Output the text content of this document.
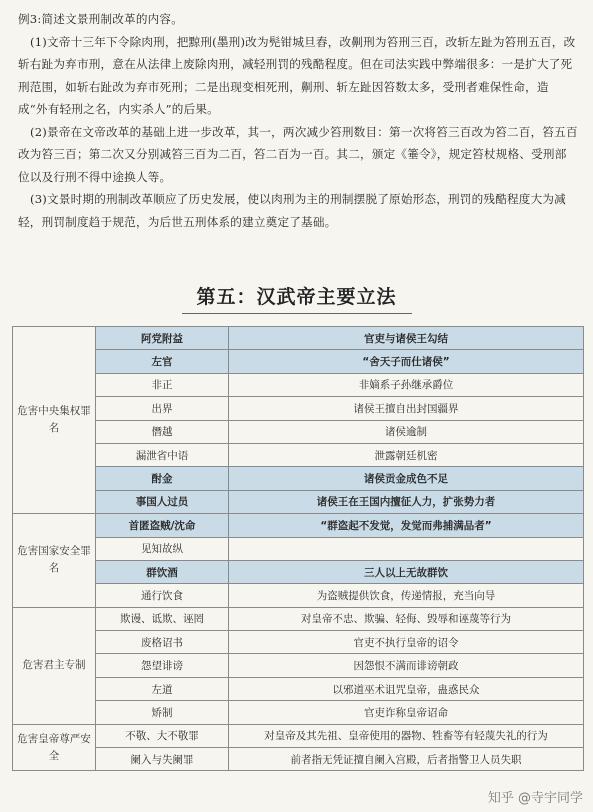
例3:简述文景刑制改革的内容。

(1)文帝十三年下令除肉刑，把黥刑(墨刑)改为髡钳城旦舂，改劓刑为笞刑三百，改斩左趾为笞刑五百，改斩右趾为弃市刑，意在从法律上废除肉刑，减轻刑罚的残酷程度。但在司法实践中弊端很多：一是扩大了死刑范围，如斩右趾改为弃市死刑；二是出现变相死刑，劓刑、斩左趾因笞数太多，受刑者难保性命，造成“外有轻刑之名，内实杀人”的后果。

(2)景帝在文帝改革的基础上进一步改革，其一，两次减少笞刑数目：第一次将笞三百改为笞二百，笞五百改为笞三百；第二次又分别减笞三百为二百，笞二百为一百。其二，颁定《箠令》，规定笞杖规格、受刑部位以及行刑不得中途换人等。

(3)文景时期的刑制改革顺应了历史发展，使以肉刑为主的刑制摆脱了原始形态，刑罚的残酷程度大为减轻，刑罚制度趋于规范，为后世五刑体系的建立奠定了基础。

第五：汉武帝主要立法
危害中央集权罪名	阿党附益	官吏与诸侯王勾结
	左官	“舍天子而仕诸侯”
	非正	非嫡系子孙继承爵位
	出界	诸侯王擅自出封国疆界
	僭越	诸侯逾制
	漏泄省中语	泄露朝廷机密
	酎金	诸侯贡金成色不足
	事国人过员	诸侯王在王国内擅征人力，扩张势力者
危害国家安全罪名	首匿盗贼/沈命	“群盗起不发觉，发觉而弗捕满品者”
	见知故纵	
	群饮酒	三人以上无故群饮
	通行饮食	为盗贼提供饮食，传递情报，充当向导
危害君主专制	欺谩、诋欺、诬罔	对皇帝不忠、欺骗、轻侮、毁辱和诬蔑等行为
	废格诏书	官吏不执行皇帝的诏令
	怨望诽谤	因怨恨不满而诽谤朝政
	左道	以邪道巫术诅咒皇帝，蛊惑民众
	矫制	官吏诈称皇帝诏命
危害皇帝尊严安全	不敬、大不敬罪	对皇帝及其先祖、皇帝使用的器物、牲畜等有轻蔑失礼的行为
	阑入与失阑罪	前者指无凭证擅自阑入宫殿，后者指警卫人员失职
知乎 @寺宇同学
